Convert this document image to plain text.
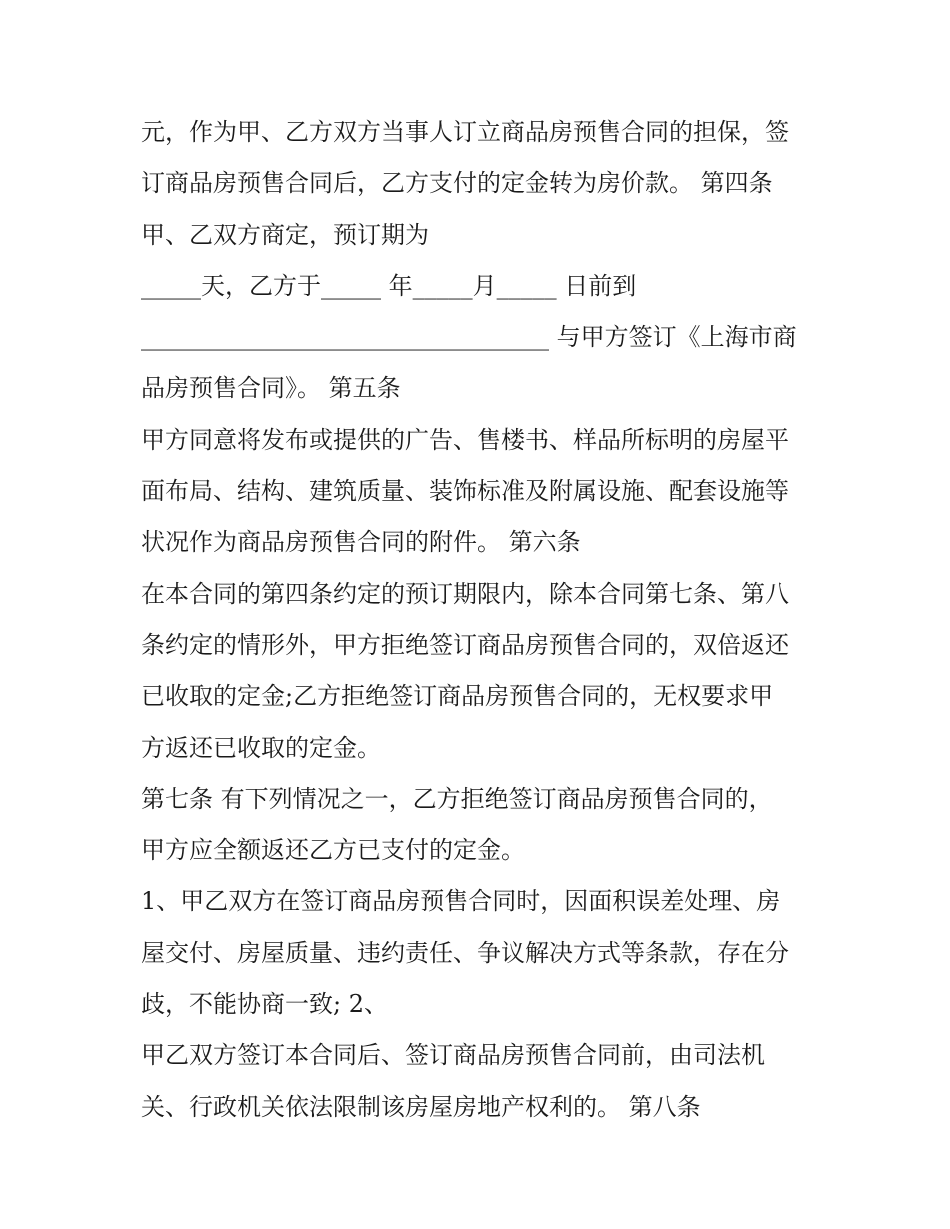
元，作为甲、乙方双方当事人订立商品房预售合同的担保，签
订商品房预售合同后，乙方支付的定金转为房价款。 第四条
甲、乙双方商定，预订期为
_____天，乙方于_____ 年_____月_____ 日前到
__________________________________ 与甲方签订《上海市商
品房预售合同》。 第五条
甲方同意将发布或提供的广告、售楼书、样品所标明的房屋平
面布局、结构、建筑质量、装饰标准及附属设施、配套设施等
状况作为商品房预售合同的附件。 第六条
在本合同的第四条约定的预订期限内，除本合同第七条、第八
条约定的情形外，甲方拒绝签订商品房预售合同的，双倍返还
已收取的定金;乙方拒绝签订商品房预售合同的，无权要求甲
方返还已收取的定金。
第七条 有下列情况之一，乙方拒绝签订商品房预售合同的，
甲方应全额返还乙方已支付的定金。
1、甲乙双方在签订商品房预售合同时，因面积误差处理、房
屋交付、房屋质量、违约责任、争议解决方式等条款，存在分
歧，不能协商一致; 2、
甲乙双方签订本合同后、签订商品房预售合同前，由司法机
关、行政机关依法限制该房屋房地产权利的。 第八条
